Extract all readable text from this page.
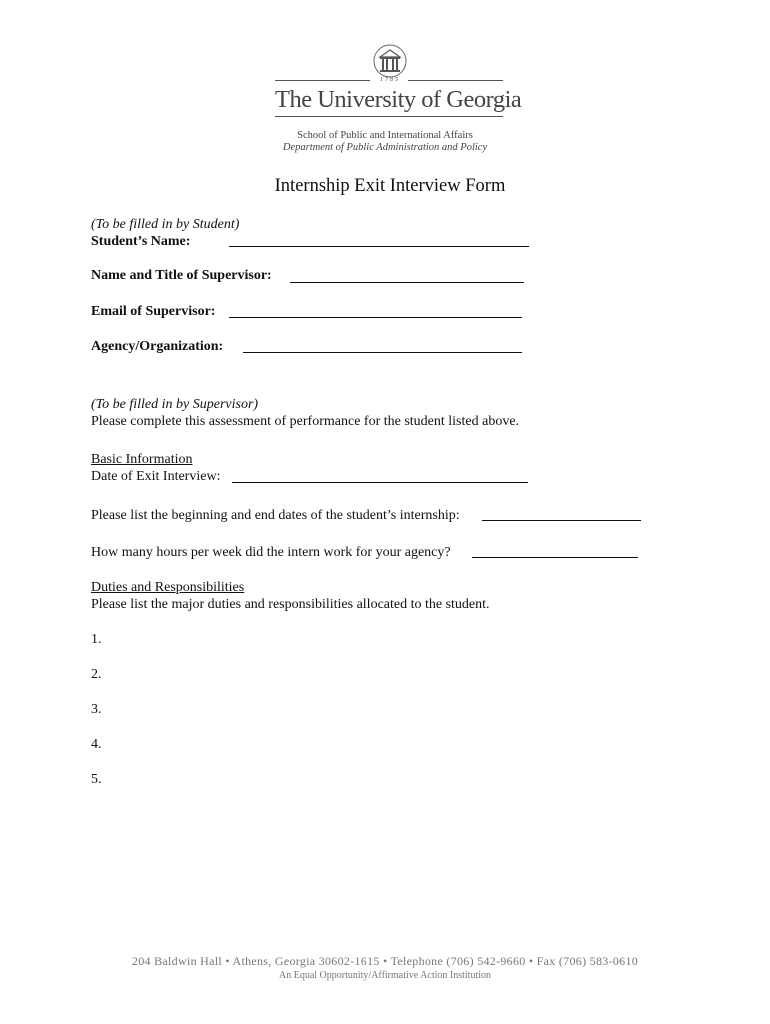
1785
The University of Georgia
School of Public and International Affairs
Department of Public Administration and Policy
Internship Exit Interview Form
(To be filled in by Student)
Student’s Name:
Name and Title of Supervisor:
Email of Supervisor:
Agency/Organization:
(To be filled in by Supervisor)
Please complete this assessment of performance for the student listed above.
Basic Information
Date of Exit Interview:
Please list the beginning and end dates of the student’s internship:
How many hours per week did the intern work for your agency?
Duties and Responsibilities
Please list the major duties and responsibilities allocated to the student.
1.
2.
3.
4.
5.
204 Baldwin Hall • Athens, Georgia 30602-1615 • Telephone (706) 542-9660 • Fax (706) 583-0610
An Equal Opportunity/Affirmative Action Institution
